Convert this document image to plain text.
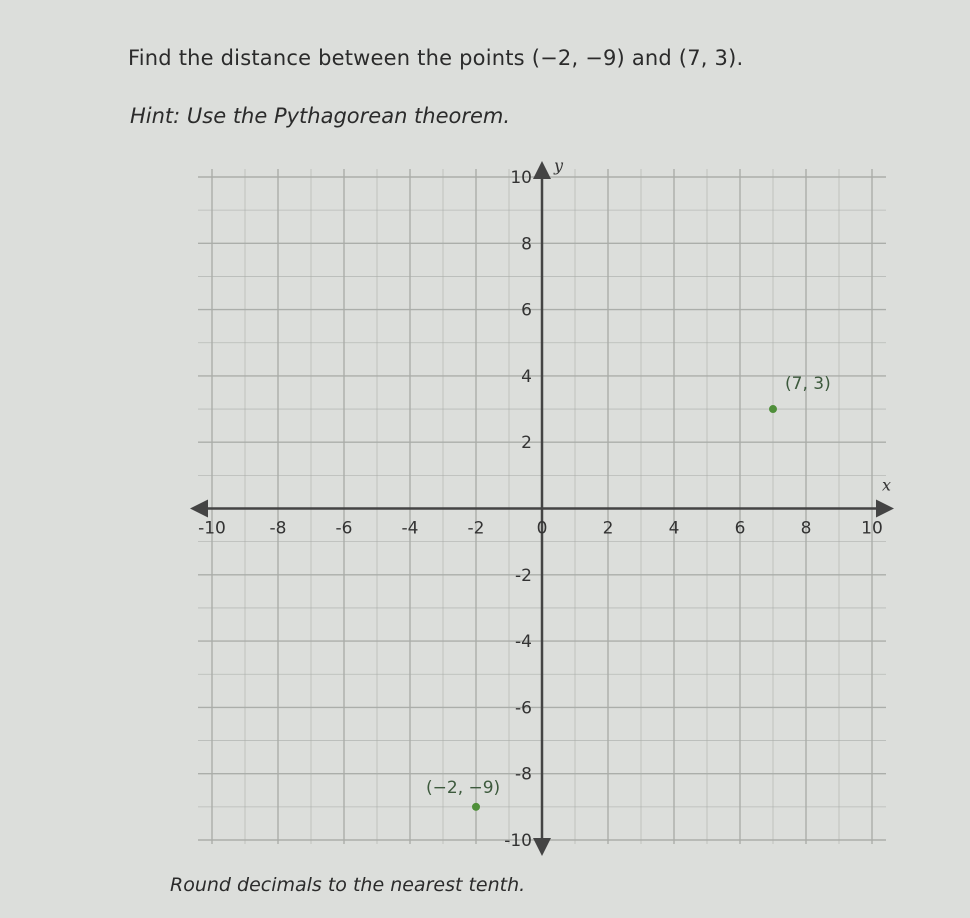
Find the distance between the points (−2, −9) and (7, 3).
Hint: Use the Pythagorean theorem.
-10	-8	-6	-4	-2	0	2	4	6	8	10
10
8
6
4
2
-2
-4
-6
-8
-10
x
y
(7, 3)
(−2, −9)
Round decimals to the nearest tenth.
